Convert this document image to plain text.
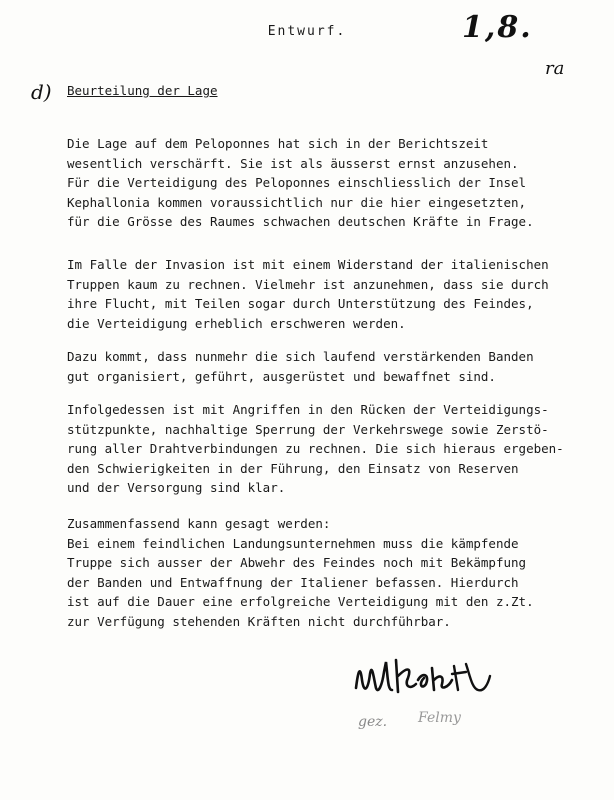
Entwurf.	1,8.
ra
d) Beurteilung der Lage
Die Lage auf dem Peloponnes hat sich in der Berichtszeit
wesentlich verschärft. Sie ist als äusserst ernst anzusehen.
Für die Verteidigung des Peloponnes einschliesslich der Insel
Kephallonia kommen voraussichtlich nur die hier eingesetzten,
für die Grösse des Raumes schwachen deutschen Kräfte in Frage.
Im Falle der Invasion ist mit einem Widerstand der italienischen
Truppen kaum zu rechnen. Vielmehr ist anzunehmen, dass sie durch
ihre Flucht, mit Teilen sogar durch Unterstützung des Feindes,
die Verteidigung erheblich erschweren werden.
Dazu kommt, dass nunmehr die sich laufend verstärkenden Banden
gut organisiert, geführt, ausgerüstet und bewaffnet sind.
Infolgedessen ist mit Angriffen in den Rücken der Verteidigungs-
stützpunkte, nachhaltige Sperrung der Verkehrswege sowie Zerstö-
rung aller Drahtverbindungen zu rechnen. Die sich hieraus ergeben-
den Schwierigkeiten in der Führung, den Einsatz von Reserven
und der Versorgung sind klar.
Zusammenfassend kann gesagt werden:
Bei einem feindlichen Landungsunternehmen muss die kämpfende
Truppe sich ausser der Abwehr des Feindes noch mit Bekämpfung
der Banden und Entwaffnung der Italiener befassen. Hierdurch
ist auf die Dauer eine erfolgreiche Verteidigung mit den z.Zt.
zur Verfügung stehenden Kräften nicht durchführbar.
gez. Felmy
